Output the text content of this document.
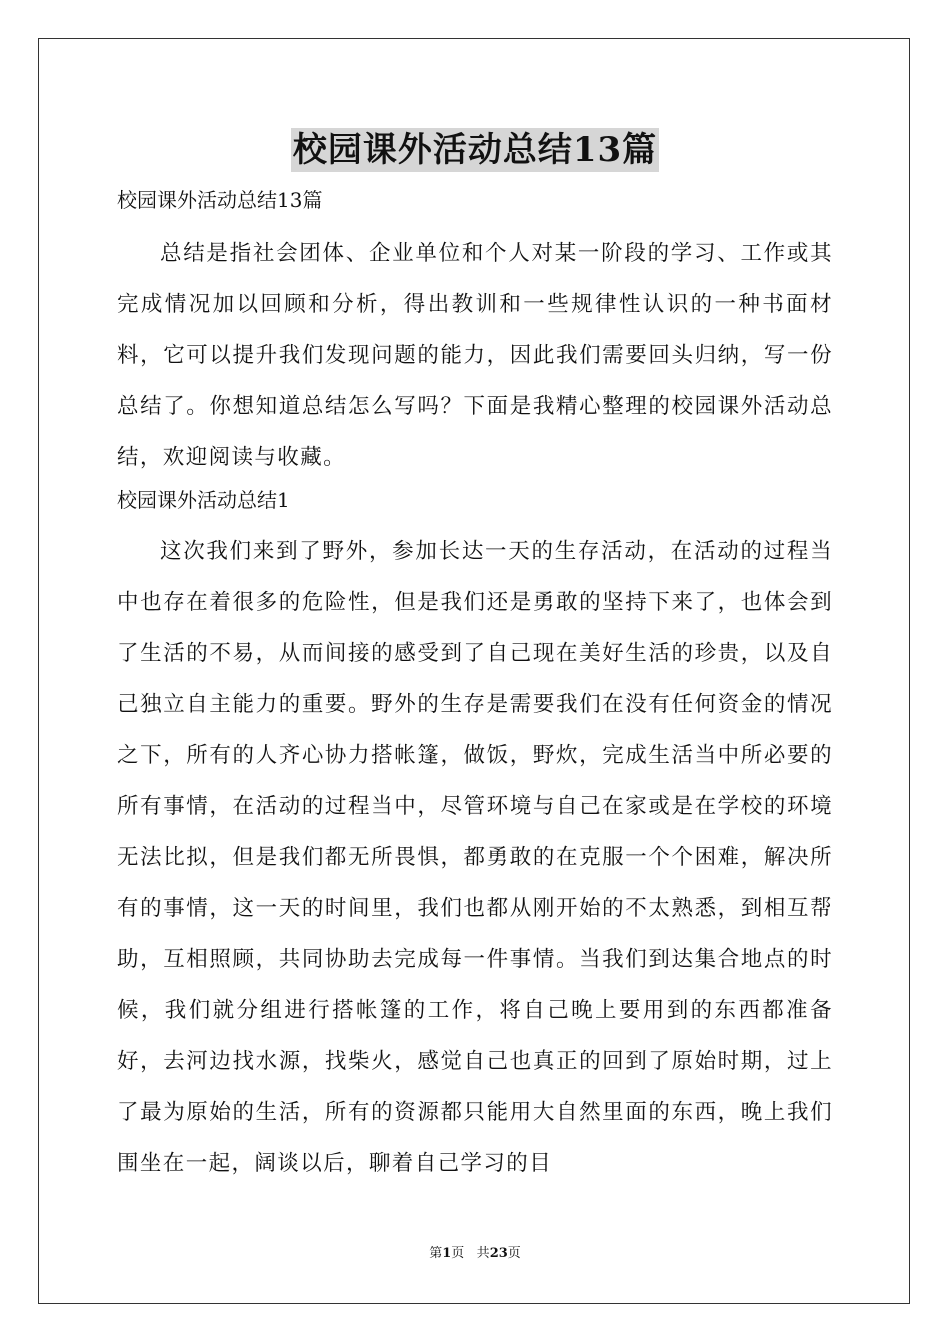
校园课外活动总结13篇
校园课外活动总结13篇

总结是指社会团体、企业单位和个人对某一阶段的学习、工作或其完成情况加以回顾和分析，得出教训和一些规律性认识的一种书面材料，它可以提升我们发现问题的能力，因此我们需要回头归纳，写一份总结了。你想知道总结怎么写吗？下面是我精心整理的校园课外活动总结，欢迎阅读与收藏。

校园课外活动总结1

这次我们来到了野外，参加长达一天的生存活动，在活动的过程当中也存在着很多的危险性，但是我们还是勇敢的坚持下来了，也体会到了生活的不易，从而间接的感受到了自己现在美好生活的珍贵，以及自己独立自主能力的重要。野外的生存是需要我们在没有任何资金的情况之下，所有的人齐心协力搭帐篷，做饭，野炊，完成生活当中所必要的所有事情，在活动的过程当中，尽管环境与自己在家或是在学校的环境无法比拟，但是我们都无所畏惧，都勇敢的在克服一个个困难，解决所有的事情，这一天的时间里，我们也都从刚开始的不太熟悉，到相互帮助，互相照顾，共同协助去完成每一件事情。当我们到达集合地点的时候，我们就分组进行搭帐篷的工作，将自己晚上要用到的东西都准备好，去河边找水源，找柴火，感觉自己也真正的回到了原始时期，过上了最为原始的生活，所有的资源都只能用大自然里面的东西，晚上我们围坐在一起，阔谈以后，聊着自己学习的目

第1页 共23页
